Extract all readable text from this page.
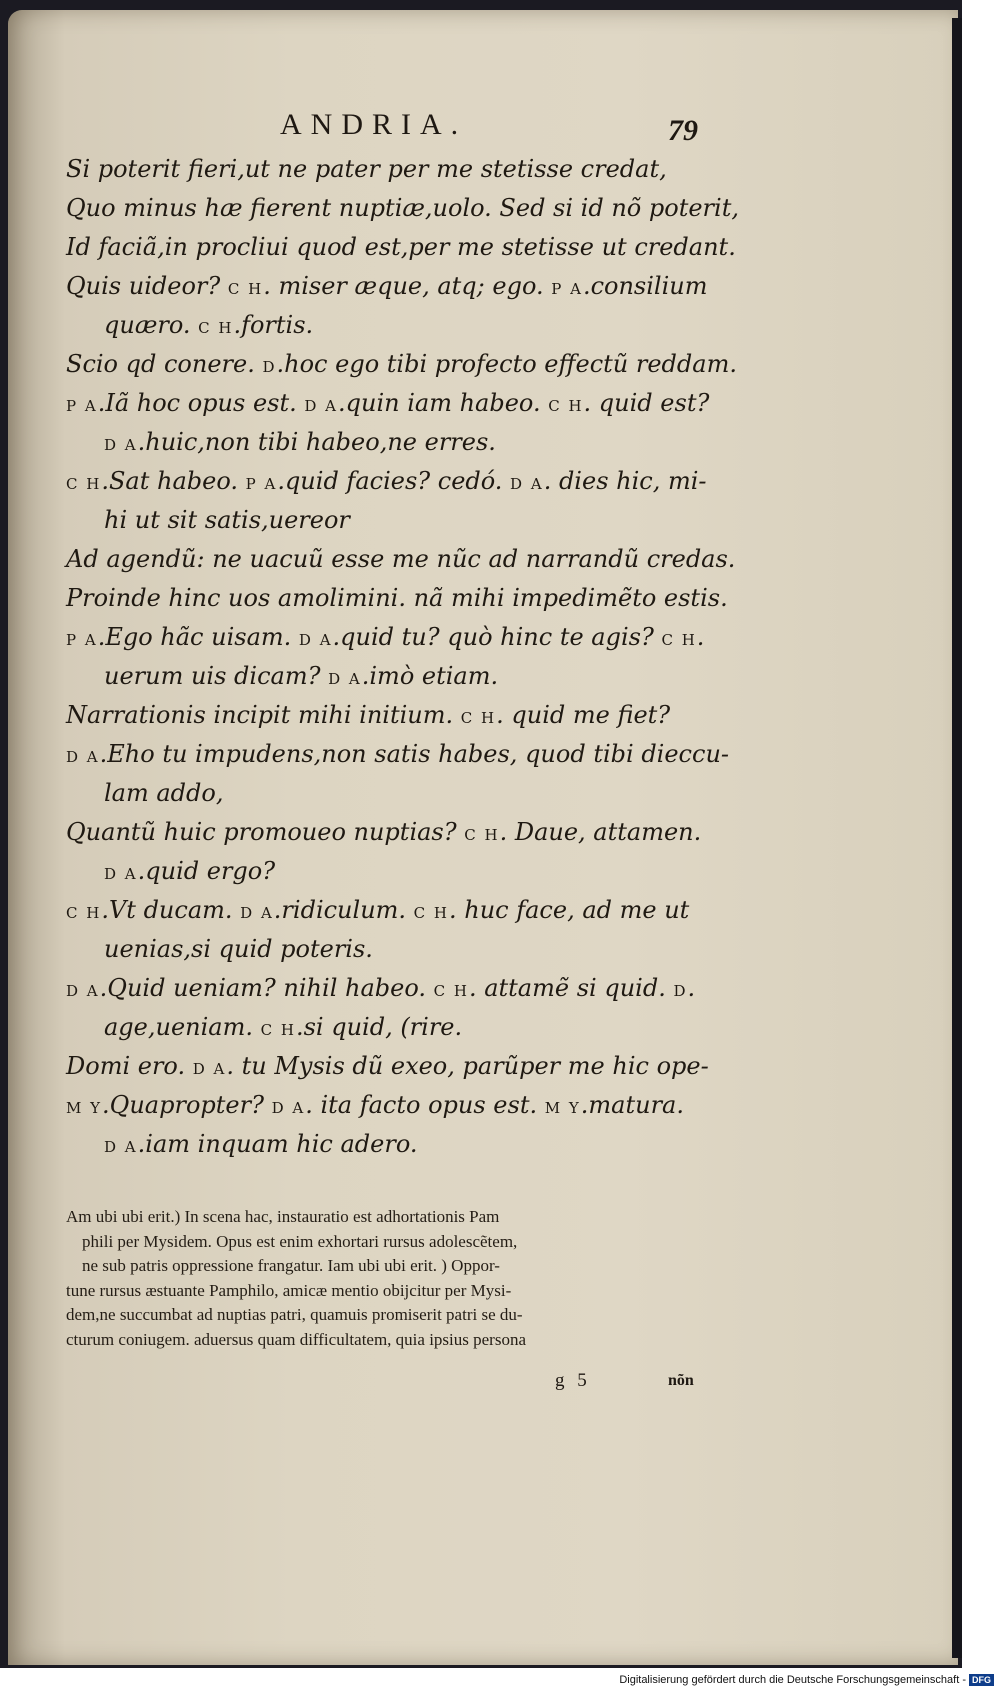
ANDRIA.	79
Si poterit fieri,ut ne pater per me stetisse credat,
Quo minus hæ fierent nuptiæ,uolo. Sed si id nõ poterit,
Id faciã,in procliui quod est,per me stetisse ut credant.
Quis uideor? C H. miser æque, atq; ego. P A.consilium
quæro. C H.fortis.
Scio qd conere. D.hoc ego tibi profecto effectũ reddam.
P A.Iã hoc opus est. D A.quin iam habeo. C H. quid est?
D A.huic,non tibi habeo,ne erres.
C H.Sat habeo. P A.quid facies? cedó. D A. dies hic, mi-
hi ut sit satis,uereor
Ad agendũ: ne uacuũ esse me nũc ad narrandũ credas.
Proinde hinc uos amolimini. nã mihi impedimẽto estis.
P A.Ego hãc uisam. D A.quid tu? quò hinc te agis? C H.
uerum uis dicam? D A.imò etiam.
Narrationis incipit mihi initium. C H. quid me fiet?
D A.Eho tu impudens,non satis habes, quod tibi dieccu-
lam addo,
Quantũ huic promoueo nuptias? C H. Daue, attamen.
D A.quid ergo?
C H.Vt ducam. D A.ridiculum. C H. huc face, ad me ut
uenias,si quid poteris.
D A.Quid ueniam? nihil habeo. C H. attamẽ si quid. D.
age,ueniam. C H.si quid, (rire.
Domi ero. D A. tu Mysis dũ exeo, parũper me hic ope-
M Y.Quapropter? D A. ita facto opus est. M Y.matura.
D A.iam inquam hic adero.
Am ubi ubi erit.) In scena hac, instauratio est adhortationis Pam
phili per Mysidem. Opus est enim exhortari rursus adolescẽtem,
ne sub patris oppressione frangatur. Iam ubi ubi erit. ) Oppor-
tune rursus æstuante Pamphilo, amicæ mentio obijcitur per Mysi-
dem,ne succumbat ad nuptias patri, quamuis promiserit patri se du-
cturum coniugem. aduersus quam difficultatem, quia ipsius persona
g 5	nõn
Digitalisierung gefördert durch die Deutsche Forschungsgemeinschaft - DFG
